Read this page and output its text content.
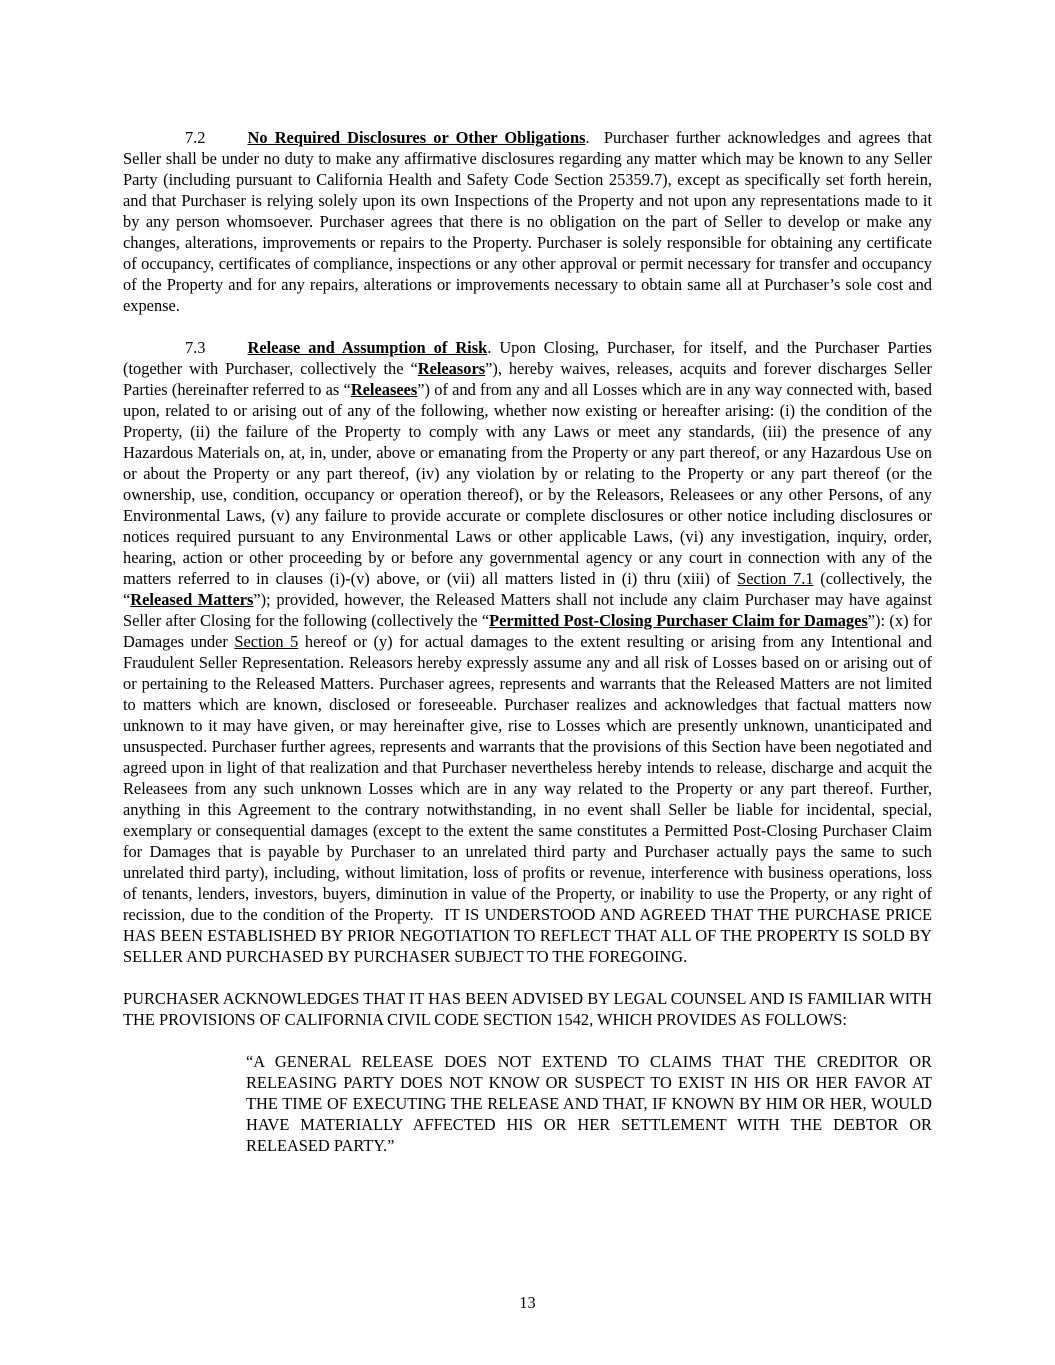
7.2	No Required Disclosures or Other Obligations.  Purchaser further acknowledges and agrees that Seller shall be under no duty to make any affirmative disclosures regarding any matter which may be known to any Seller Party (including pursuant to California Health and Safety Code Section 25359.7), except as specifically set forth herein, and that Purchaser is relying solely upon its own Inspections of the Property and not upon any representations made to it by any person whomsoever. Purchaser agrees that there is no obligation on the part of Seller to develop or make any changes, alterations, improvements or repairs to the Property. Purchaser is solely responsible for obtaining any certificate of occupancy, certificates of compliance, inspections or any other approval or permit necessary for transfer and occupancy of the Property and for any repairs, alterations or improvements necessary to obtain same all at Purchaser’s sole cost and expense.

7.3	Release and Assumption of Risk. Upon Closing, Purchaser, for itself, and the Purchaser Parties (together with Purchaser, collectively the “Releasors”), hereby waives, releases, acquits and forever discharges Seller Parties (hereinafter referred to as “Releasees”) of and from any and all Losses which are in any way connected with, based upon, related to or arising out of any of the following, whether now existing or hereafter arising: (i) the condition of the Property, (ii) the failure of the Property to comply with any Laws or meet any standards, (iii) the presence of any Hazardous Materials on, at, in, under, above or emanating from the Property or any part thereof, or any Hazardous Use on or about the Property or any part thereof, (iv) any violation by or relating to the Property or any part thereof (or the ownership, use, condition, occupancy or operation thereof), or by the Releasors, Releasees or any other Persons, of any Environmental Laws, (v) any failure to provide accurate or complete disclosures or other notice including disclosures or notices required pursuant to any Environmental Laws or other applicable Laws, (vi) any investigation, inquiry, order, hearing, action or other proceeding by or before any governmental agency or any court in connection with any of the matters referred to in clauses (i)-(v) above, or (vii) all matters listed in (i) thru (xiii) of Section 7.1 (collectively, the “Released Matters”); provided, however, the Released Matters shall not include any claim Purchaser may have against Seller after Closing for the following (collectively the “Permitted Post-Closing Purchaser Claim for Damages”): (x) for Damages under Section 5 hereof or (y) for actual damages to the extent resulting or arising from any Intentional and Fraudulent Seller Representation. Releasors hereby expressly assume any and all risk of Losses based on or arising out of or pertaining to the Released Matters. Purchaser agrees, represents and warrants that the Released Matters are not limited to matters which are known, disclosed or foreseeable. Purchaser realizes and acknowledges that factual matters now unknown to it may have given, or may hereinafter give, rise to Losses which are presently unknown, unanticipated and unsuspected. Purchaser further agrees, represents and warrants that the provisions of this Section have been negotiated and agreed upon in light of that realization and that Purchaser nevertheless hereby intends to release, discharge and acquit the Releasees from any such unknown Losses which are in any way related to the Property or any part thereof. Further, anything in this Agreement to the contrary notwithstanding, in no event shall Seller be liable for incidental, special, exemplary or consequential damages (except to the extent the same constitutes a Permitted Post-Closing Purchaser Claim for Damages that is payable by Purchaser to an unrelated third party and Purchaser actually pays the same to such unrelated third party), including, without limitation, loss of profits or revenue, interference with business operations, loss of tenants, lenders, investors, buyers, diminution in value of the Property, or inability to use the Property, or any right of recission, due to the condition of the Property.  IT IS UNDERSTOOD AND AGREED THAT THE PURCHASE PRICE HAS BEEN ESTABLISHED BY PRIOR NEGOTIATION TO REFLECT THAT ALL OF THE PROPERTY IS SOLD BY SELLER AND PURCHASED BY PURCHASER SUBJECT TO THE FOREGOING.

PURCHASER ACKNOWLEDGES THAT IT HAS BEEN ADVISED BY LEGAL COUNSEL AND IS FAMILIAR WITH THE PROVISIONS OF CALIFORNIA CIVIL CODE SECTION 1542, WHICH PROVIDES AS FOLLOWS:

“A GENERAL RELEASE DOES NOT EXTEND TO CLAIMS THAT THE CREDITOR OR RELEASING PARTY DOES NOT KNOW OR SUSPECT TO EXIST IN HIS OR HER FAVOR AT THE TIME OF EXECUTING THE RELEASE AND THAT, IF KNOWN BY HIM OR HER, WOULD HAVE MATERIALLY AFFECTED HIS OR HER SETTLEMENT WITH THE DEBTOR OR RELEASED PARTY.”

13
